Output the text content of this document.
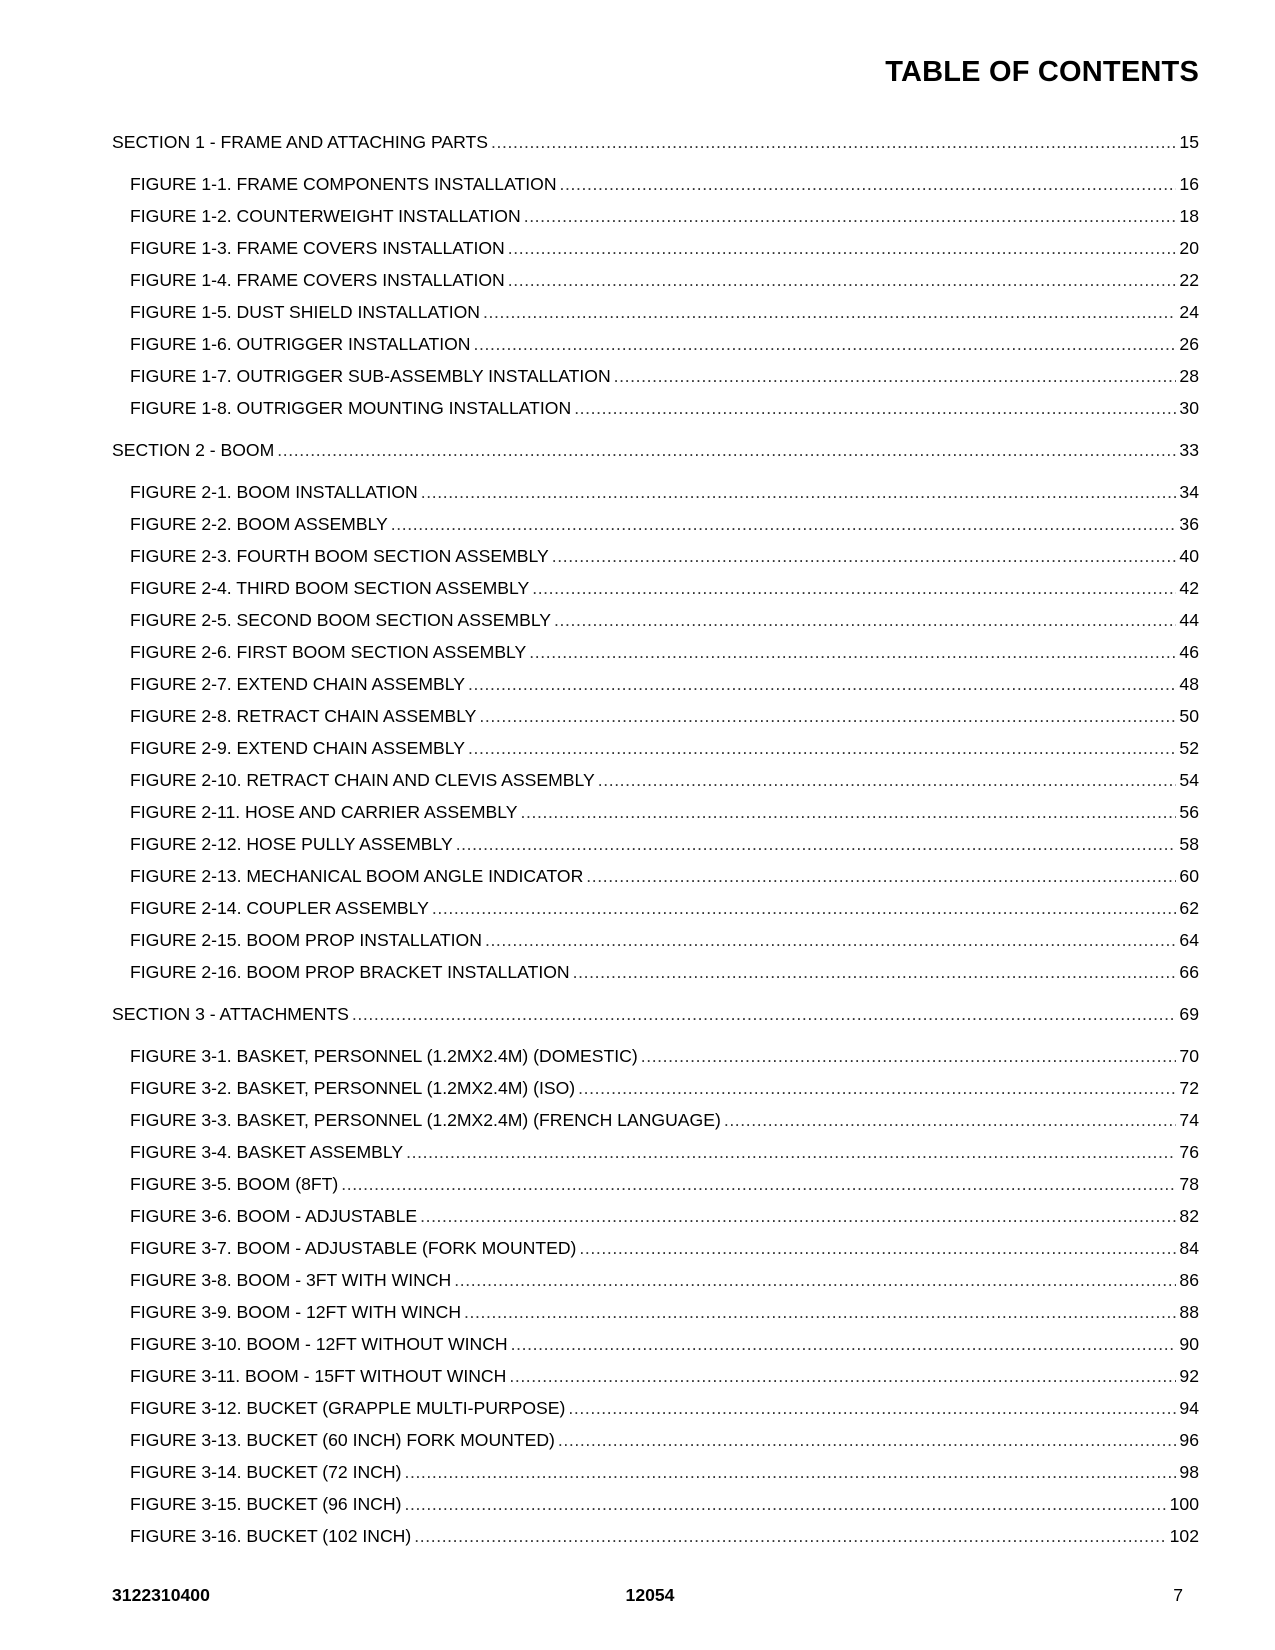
TABLE OF CONTENTS
SECTION 1 - FRAME AND ATTACHING PARTS .....	15
FIGURE 1-1. FRAME COMPONENTS INSTALLATION .....	16
FIGURE 1-2. COUNTERWEIGHT INSTALLATION .....	18
FIGURE 1-3. FRAME COVERS INSTALLATION .....	20
FIGURE 1-4. FRAME COVERS INSTALLATION .....	22
FIGURE 1-5. DUST SHIELD INSTALLATION .....	24
FIGURE 1-6. OUTRIGGER INSTALLATION .....	26
FIGURE 1-7. OUTRIGGER SUB-ASSEMBLY INSTALLATION .....	28
FIGURE 1-8. OUTRIGGER MOUNTING INSTALLATION .....	30
SECTION 2 - BOOM .....	33
FIGURE 2-1. BOOM INSTALLATION .....	34
FIGURE 2-2. BOOM ASSEMBLY .....	36
FIGURE 2-3. FOURTH BOOM SECTION ASSEMBLY .....	40
FIGURE 2-4. THIRD BOOM SECTION ASSEMBLY .....	42
FIGURE 2-5. SECOND BOOM SECTION ASSEMBLY .....	44
FIGURE 2-6. FIRST BOOM SECTION ASSEMBLY .....	46
FIGURE 2-7. EXTEND CHAIN ASSEMBLY .....	48
FIGURE 2-8. RETRACT CHAIN ASSEMBLY .....	50
FIGURE 2-9. EXTEND CHAIN ASSEMBLY .....	52
FIGURE 2-10. RETRACT CHAIN AND CLEVIS ASSEMBLY .....	54
FIGURE 2-11. HOSE AND CARRIER ASSEMBLY .....	56
FIGURE 2-12. HOSE PULLY ASSEMBLY .....	58
FIGURE 2-13. MECHANICAL BOOM ANGLE INDICATOR .....	60
FIGURE 2-14. COUPLER ASSEMBLY .....	62
FIGURE 2-15. BOOM PROP INSTALLATION .....	64
FIGURE 2-16. BOOM PROP BRACKET INSTALLATION .....	66
SECTION 3 - ATTACHMENTS .....	69
FIGURE 3-1. BASKET, PERSONNEL (1.2MX2.4M) (DOMESTIC) .....	70
FIGURE 3-2. BASKET, PERSONNEL (1.2MX2.4M) (ISO) .....	72
FIGURE 3-3. BASKET, PERSONNEL (1.2MX2.4M) (FRENCH LANGUAGE) .....	74
FIGURE 3-4. BASKET ASSEMBLY .....	76
FIGURE 3-5. BOOM (8FT) .....	78
FIGURE 3-6. BOOM - ADJUSTABLE .....	82
FIGURE 3-7. BOOM - ADJUSTABLE (FORK MOUNTED) .....	84
FIGURE 3-8. BOOM - 3FT WITH WINCH .....	86
FIGURE 3-9. BOOM - 12FT WITH WINCH .....	88
FIGURE 3-10. BOOM - 12FT WITHOUT WINCH .....	90
FIGURE 3-11. BOOM - 15FT WITHOUT WINCH .....	92
FIGURE 3-12. BUCKET (GRAPPLE MULTI-PURPOSE) .....	94
FIGURE 3-13. BUCKET (60 INCH) FORK MOUNTED) .....	96
FIGURE 3-14. BUCKET (72 INCH) .....	98
FIGURE 3-15. BUCKET (96 INCH) .....	100
FIGURE 3-16. BUCKET (102 INCH) .....	102
3122310400	12054	7
